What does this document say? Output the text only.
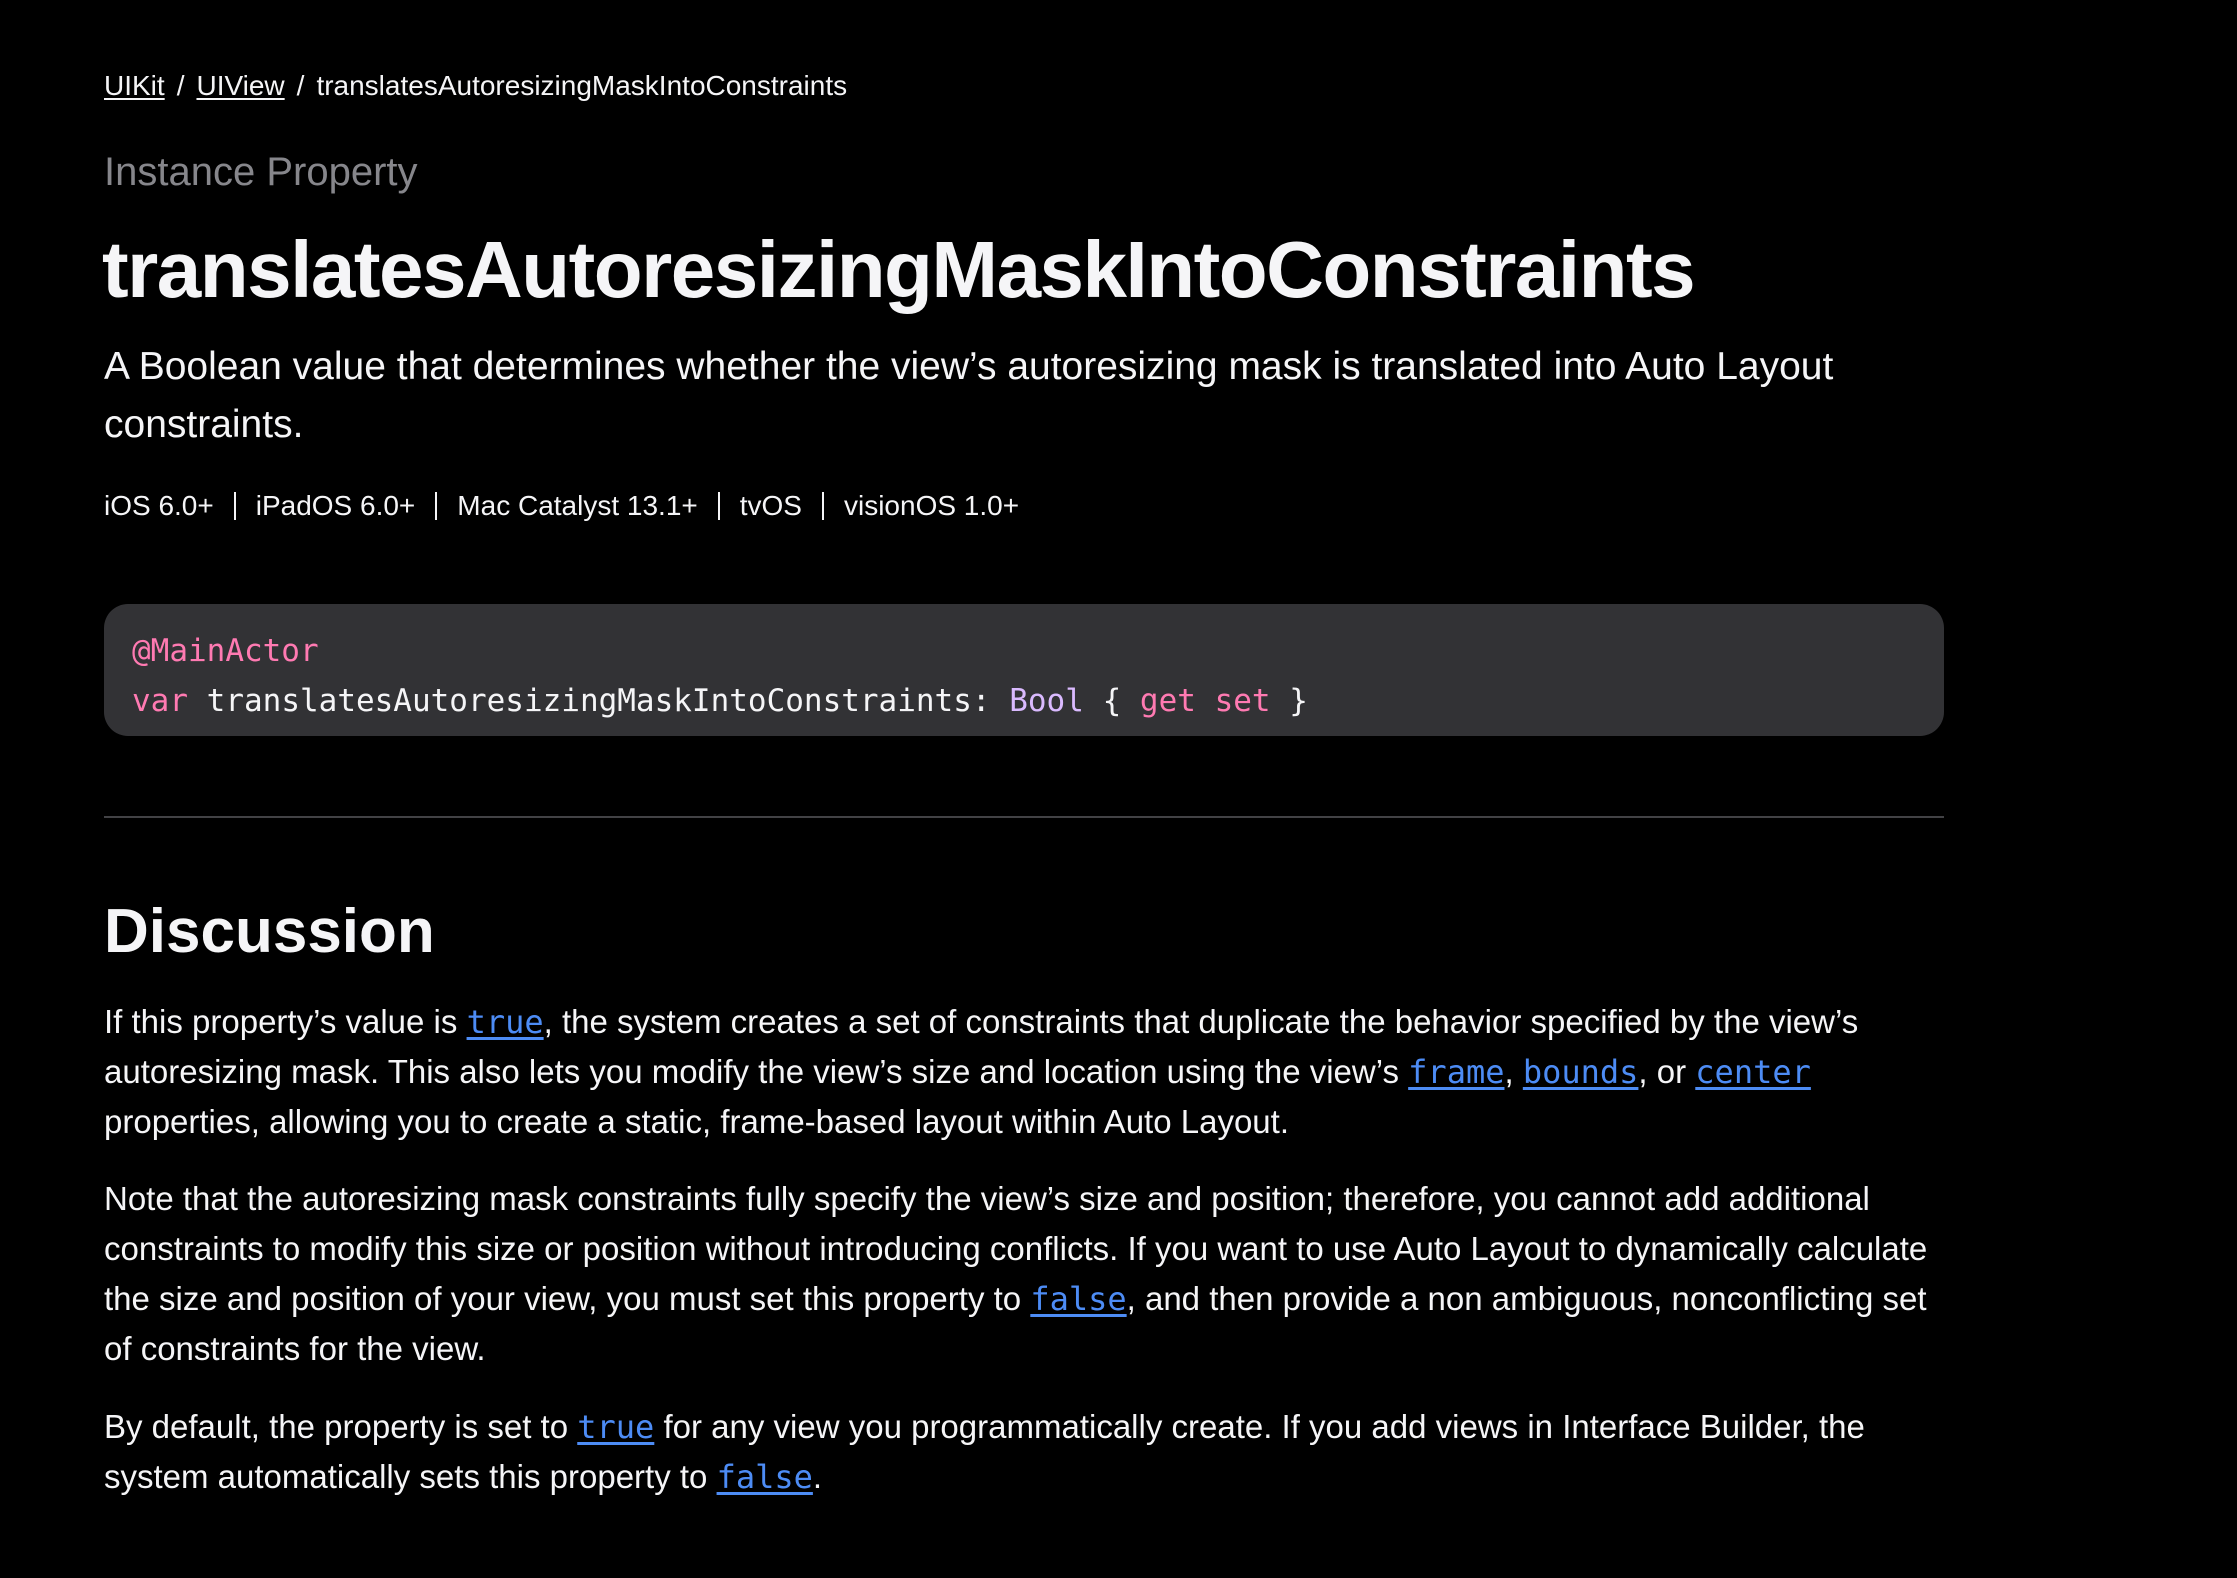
UIKit / UIView / translatesAutoresizingMaskIntoConstraints
Instance Property
translatesAutoresizingMaskIntoConstraints

A Boolean value that determines whether the view’s autoresizing mask is translated into Auto Layout constraints.

iOS 6.0+ iPadOS 6.0+ Mac Catalyst 13.1+ tvOS visionOS 1.0+
@MainActor
var translatesAutoresizingMaskIntoConstraints: Bool { get set }
Discussion

If this property’s value is true, the system creates a set of constraints that duplicate the behavior specified by the view’s autoresizing mask. This also lets you modify the view’s size and location using the view’s frame, bounds, or center properties, allowing you to create a static, frame-based layout within Auto Layout.

Note that the autoresizing mask constraints fully specify the view’s size and position; therefore, you cannot add additional constraints to modify this size or position without introducing conflicts. If you want to use Auto Layout to dynamically calculate the size and position of your view, you must set this property to false, and then provide a non ambiguous, nonconflicting set of constraints for the view.

By default, the property is set to true for any view you programmatically create. If you add views in Interface Builder, the system automatically sets this property to false.
